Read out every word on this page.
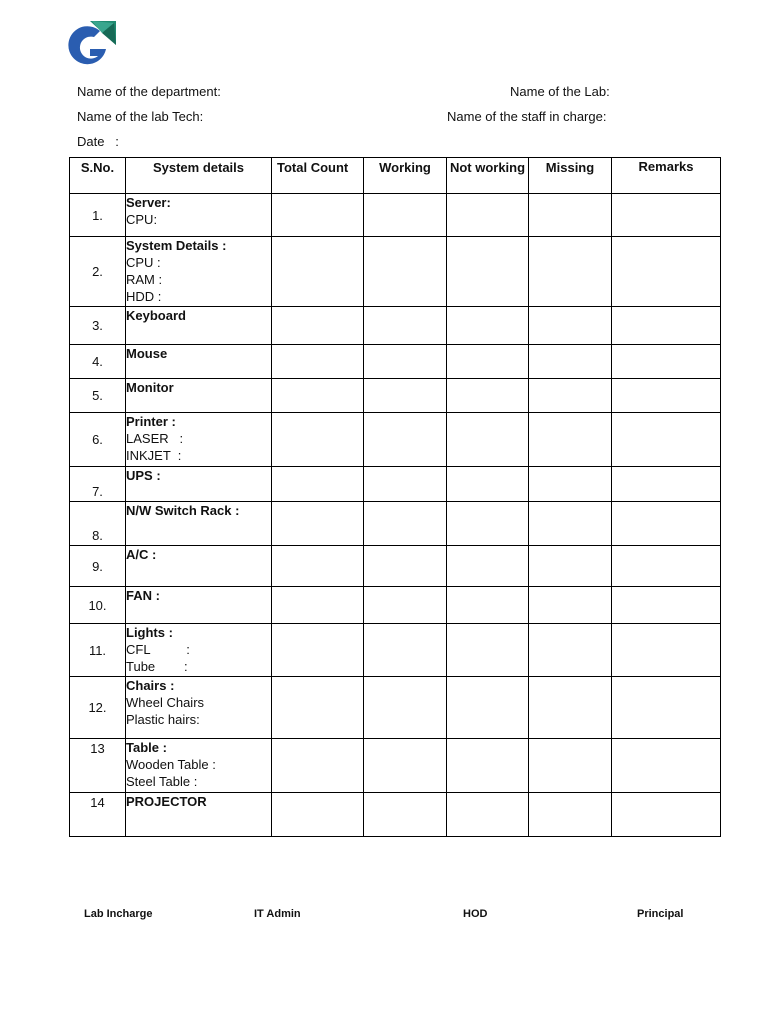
Name of the department:	Name of the Lab:
Name of the lab Tech:	Name of the staff in charge:
Date   :
S.No.	System details	Total Count	Working	Not working	Missing	Remarks
1.	Server:
CPU:					

2.	System Details :
CPU :
RAM :
HDD :					

3.	Keyboard					

4.	Mouse					

5.	Monitor					

6.	Printer :
LASER   :
INKJET  :					

7.	UPS :					

8.	N/W Switch Rack :					

9.	A/C :					

10.	FAN :					

11.	Lights :
CFL          :
Tube        :					

12.	Chairs :
Wheel Chairs
Plastic hairs:					

13	Table :
Wooden Table :
Steel Table :					

14	PROJECTOR					

Lab Incharge	IT Admin	HOD	Principal
